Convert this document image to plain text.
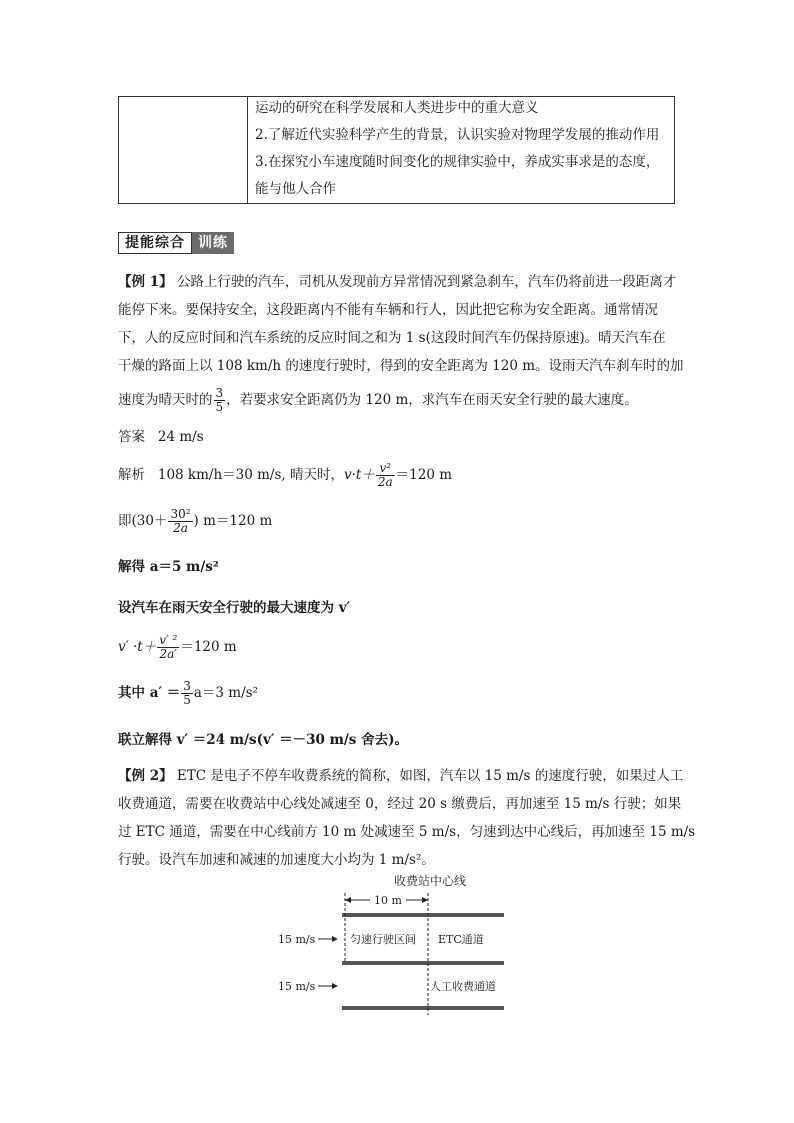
运动的研究在科学发展和人类进步中的重大意义
2.了解近代实验科学产生的背景，认识实验对物理学发展的推动作用
3.在探究小车速度随时间变化的规律实验中，养成实事求是的态度，
能与他人合作
提能综合 训练
【例 1】 公路上行驶的汽车，司机从发现前方异常情况到紧急刹车，汽车仍将前进一段距离才
能停下来。要保持安全，这段距离内不能有车辆和行人，因此把它称为安全距离。通常情况
下，人的反应时间和汽车系统的反应时间之和为 1 s(这段时间汽车仍保持原速)。晴天汽车在
干燥的路面上以 108 km/h 的速度行驶时，得到的安全距离为 120 m。设雨天汽车刹车时的加
速度为晴天时的 $\frac{3}{5}$ ，若要求安全距离仍为 120 m，求汽车在雨天安全行驶的最大速度。
答案 24 m/s
解析 108 km/h＝30 m/s, 晴天时，$v\cdot t+ \frac{\text{v²}}{2a} =120$ m
即($30+ \frac{\text{30²}}{2a}$ ) m＝120 m
解得 a＝5 m/s²
设汽车在雨天安全行驶的最大速度为 v′
$v' \cdot t+ \frac{\text{v′ ²}}{2a'} =120$ m
其中 $a' = \frac{3}{5} a=3$ m/s²
联立解得 v′ ＝24 m/s(v′ ＝－30 m/s 舍去)。
【例 2】 ETC 是电子不停车收费系统的简称，如图，汽车以 15 m/s 的速度行驶，如果过人工
收费通道，需要在收费站中心线处减速至 0，经过 20 s 缴费后，再加速至 15 m/s 行驶；如果
过 ETC 通道，需要在中心线前方 10 m 处减速至 5 m/s，匀速到达中心线后，再加速至 15 m/s
行驶。设汽车加速和减速的加速度大小均为 1 m/s²。
收费站中心线
10 m
15 m/s	匀速行驶区间 ETC通道
15 m/s	人工收费通道
